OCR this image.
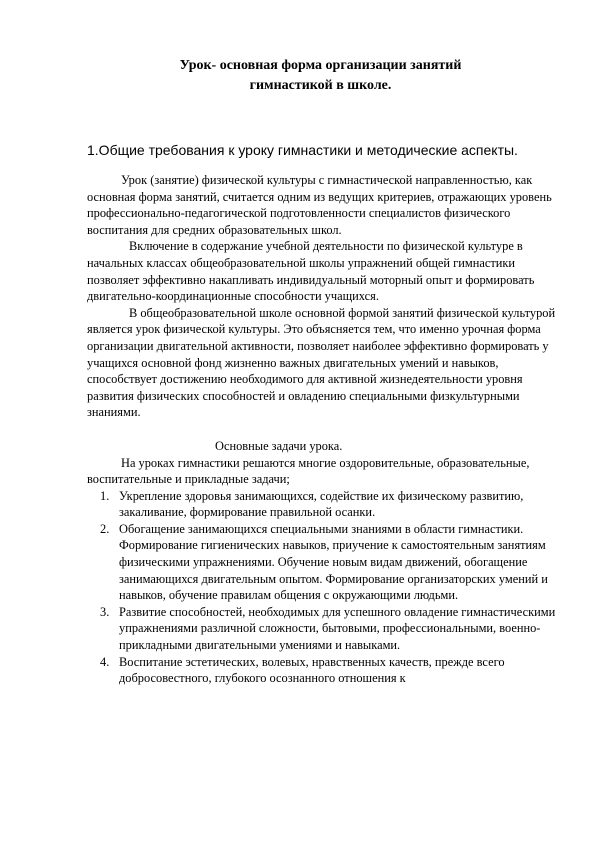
Урок- основная форма организации занятий
гимнастикой в школе.
1.Общие требования к уроку гимнастики и методические аспекты.

Урок (занятие) физической культуры с гимнастической направленностью, как основная форма занятий, считается одним из ведущих критериев, отражающих уровень профессионально-педагогической подготовленности специалистов физического воспитания для средних образовательных школ.

Включение в содержание учебной деятельности по физической культуре в начальных классах общеобразовательной школы упражнений общей гимнастики позволяет эффективно накапливать индивидуальный моторный опыт и формировать двигательно-координационные способности учащихся.

В общеобразовательной школе основной формой занятий физической культурой является урок физической культуры. Это объясняется тем, что именно урочная форма организации двигательной активности, позволяет наиболее эффективно формировать у учащихся основной фонд жизненно важных двигательных умений и навыков, способствует достижению необходимого для активной жизнедеятельности уровня развития физических способностей и овладению специальными физкультурными знаниями.

Основные задачи урока.

На уроках гимнастики решаются многие оздоровительные, образовательные, воспитательные и прикладные задачи;

1. Укрепление здоровья занимающихся, содействие их физическому развитию, закаливание, формирование правильной осанки.
2. Обогащение занимающихся специальными знаниями в области гимнастики. Формирование гигиенических навыков, приучение к самостоятельным занятиям физическими упражнениями. Обучение новым видам движений, обогащение занимающихся двигательным опытом. Формирование организаторских умений и навыков, обучение правилам общения с окружающими людьми.
3. Развитие способностей, необходимых для успешного овладение гимнастическими упражнениями различной сложности, бытовыми, профессиональными, военно-прикладными двигательными умениями и навыками.
4. Воспитание эстетических, волевых, нравственных качеств, прежде всего добросовестного, глубокого осознанного отношения к
